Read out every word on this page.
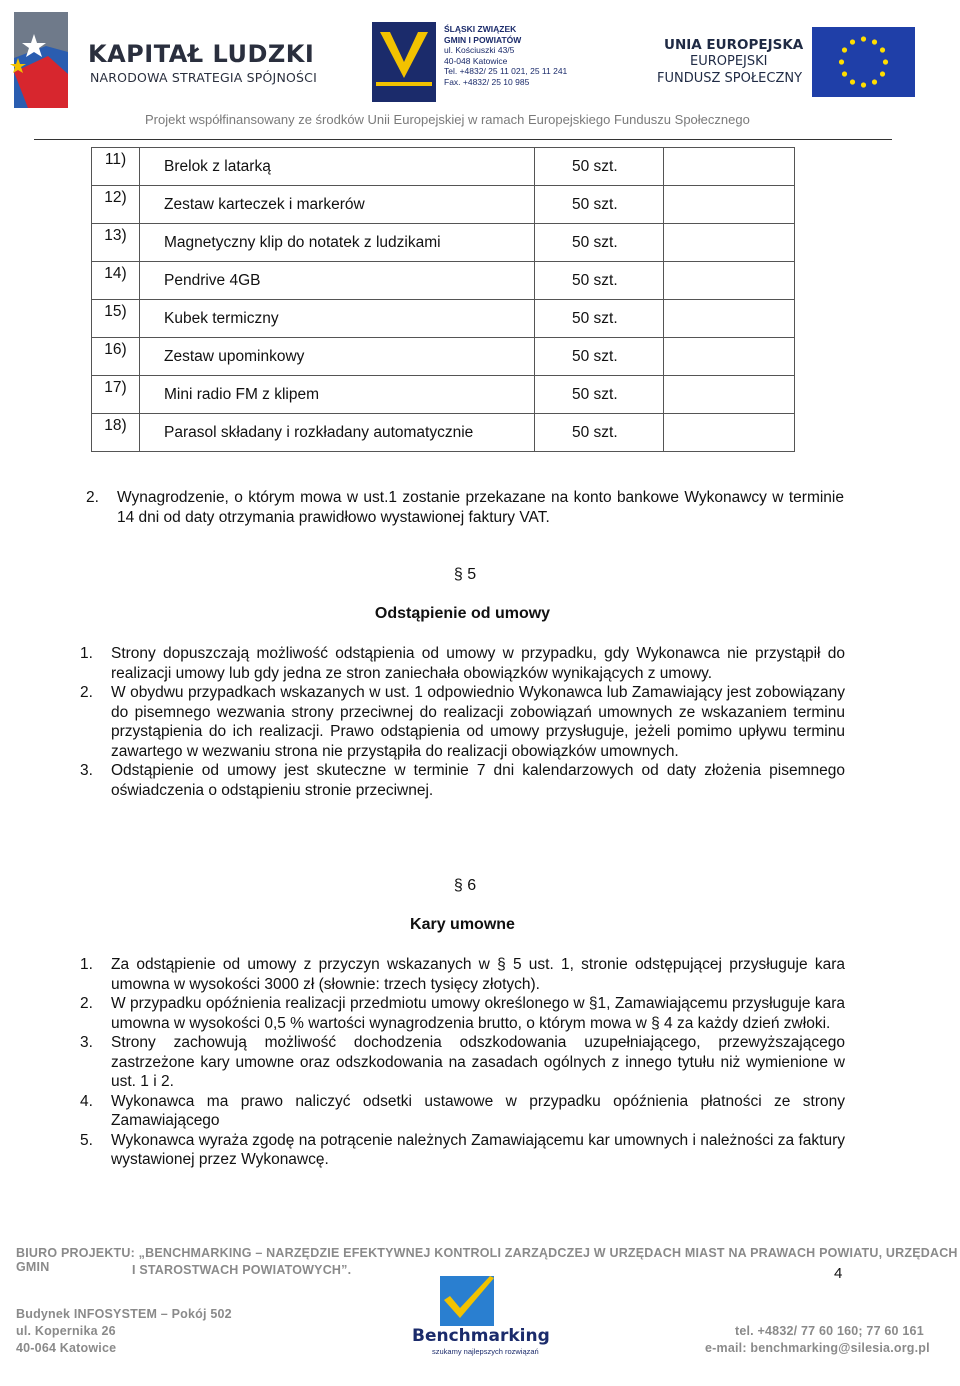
KAPITAŁ LUDZKI
NARODOWA STRATEGIA SPÓJNOŚCI
ŚLĄSKI ZWIĄZEK
GMIN I POWIATÓW
ul. Kościuszki 43/5
40-048 Katowice
Tel. +4832/ 25 11 021, 25 11 241
Fax. +4832/ 25 10 985
UNIA EUROPEJSKA
EUROPEJSKI
FUNDUSZ SPOŁECZNY
Projekt współfinansowany ze środków Unii Europejskiej w ramach Europejskiego Funduszu Społecznego
11)	Brelok z latarką	50 szt.	
12)	Zestaw karteczek i markerów	50 szt.	
13)	Magnetyczny klip do notatek z ludzikami	50 szt.	
14)	Pendrive 4GB	50 szt.	
15)	Kubek termiczny	50 szt.	
16)	Zestaw upominkowy	50 szt.	
17)	Mini radio FM z klipem	50 szt.	
18)	Parasol składany i rozkładany automatycznie	50 szt.	
2.	Wynagrodzenie, o którym mowa w ust.1 zostanie przekazane na konto bankowe Wykonawcy w terminie 14 dni od daty otrzymania prawidłowo wystawionej faktury VAT.
§ 5
Odstąpienie od umowy
1.	Strony dopuszczają możliwość odstąpienia od umowy w przypadku, gdy Wykonawca nie przystąpił do realizacji umowy lub gdy jedna ze stron zaniechała obowiązków wynikających z umowy.
2.	W obydwu przypadkach wskazanych w ust. 1 odpowiednio Wykonawca lub Zamawiający jest zobowiązany do pisemnego wezwania strony przeciwnej do realizacji zobowiązań umownych ze wskazaniem terminu przystąpienia do ich realizacji. Prawo odstąpienia od umowy przysługuje, jeżeli pomimo upływu terminu zawartego w wezwaniu strona nie przystąpiła do realizacji obowiązków umownych.
3.	Odstąpienie od umowy jest skuteczne w terminie 7 dni kalendarzowych od daty złożenia pisemnego oświadczenia o odstąpieniu stronie przeciwnej.
§ 6
Kary umowne
1.	Za odstąpienie od umowy z przyczyn wskazanych w § 5 ust. 1, stronie odstępującej przysługuje kara umowna w wysokości 3000 zł (słownie: trzech tysięcy złotych).
2.	W przypadku opóźnienia realizacji przedmiotu umowy określonego w §1, Zamawiającemu przysługuje kara umowna w wysokości 0,5 % wartości wynagrodzenia brutto, o którym mowa w § 4 za każdy dzień zwłoki.
3.	Strony zachowują możliwość dochodzenia odszkodowania uzupełniającego, przewyższającego zastrzeżone kary umowne oraz odszkodowania na zasadach ogólnych z innego tytułu niż wymienione w ust. 1 i 2.
4.	Wykonawca ma prawo naliczyć odsetki ustawowe w przypadku opóźnienia płatności ze strony Zamawiającego
5.	Wykonawca wyraża zgodę na potrącenie należnych Zamawiającemu kar umownych i należności za faktury wystawionej przez Wykonawcę.
BIURO PROJEKTU: „BENCHMARKING – NARZĘDZIE EFEKTYWNEJ KONTROLI ZARZĄDCZEJ W URZĘDACH MIAST NA PRAWACH POWIATU, URZĘDACH GMIN	I STAROSTWACH POWIATOWYCH”.	4
Budynek INFOSYSTEM – Pokój 502
ul. Kopernika 26
40-064 Katowice
Benchmarking
szukamy najlepszych rozwiązań
tel. +4832/ 77 60 160; 77 60 161
e-mail: benchmarking@silesia.org.pl
